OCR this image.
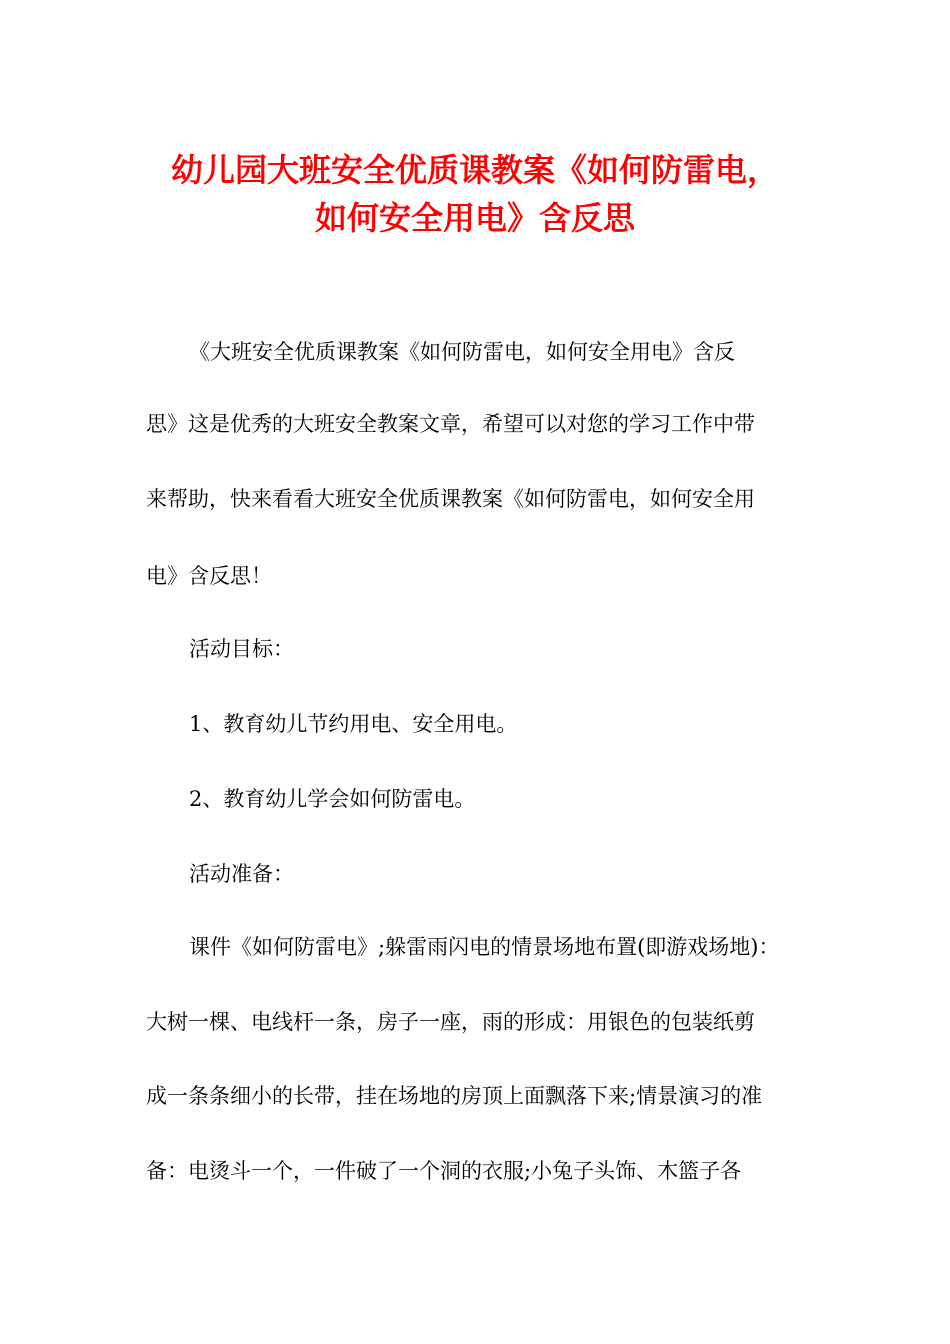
幼儿园大班安全优质课教案《如何防雷电，
如何安全用电》含反思

《大班安全优质课教案《如何防雷电，如何安全用电》含反

思》这是优秀的大班安全教案文章，希望可以对您的学习工作中带

来帮助，快来看看大班安全优质课教案《如何防雷电，如何安全用

电》含反思！

活动目标：

1、教育幼儿节约用电、安全用电。

2、教育幼儿学会如何防雷电。

活动准备：

课件《如何防雷电》;躲雷雨闪电的情景场地布置(即游戏场地)：

大树一棵、电线杆一条，房子一座，雨的形成：用银色的包装纸剪

成一条条细小的长带，挂在场地的房顶上面飘落下来;情景演习的准

备：电烫斗一个，一件破了一个洞的衣服;小兔子头饰、木篮子各
